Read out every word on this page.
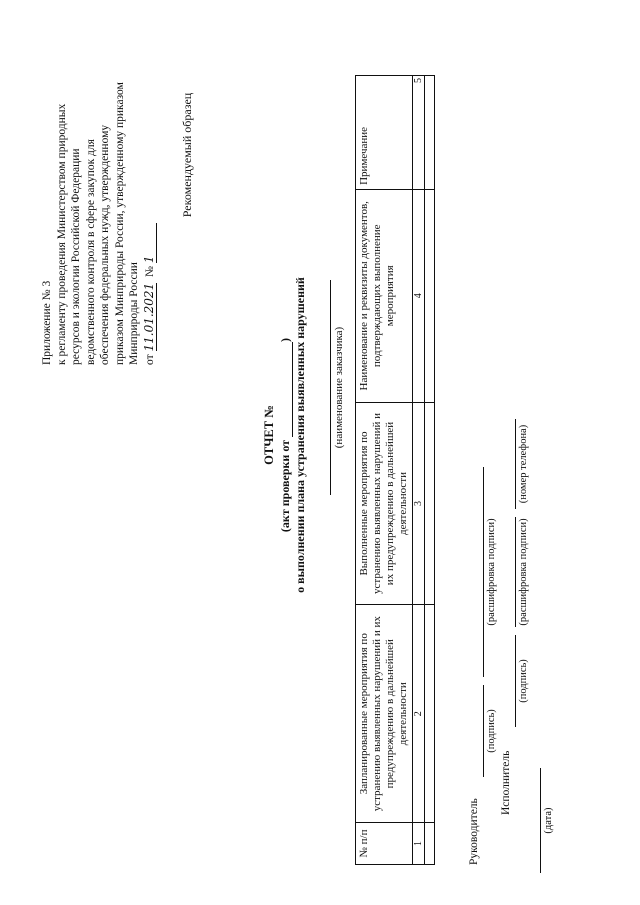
Приложение № 3 к регламенту проведения Министерством природных ресурсов и экологии Российской Федерации ведомственного контроля в сфере закупок для обеспечения федеральных нужд, утвержденному приказом Минприроды России, утвержденному приказом Минприроды России от 11.01.2021  № 1
Рекомендуемый образец
ОТЧЕТ №
(акт проверки от ) о выполнении плана устранения выявленных нарушений (наименование заказчика)
№ п/п	Запланированные мероприятия по устранению выявленных нарушений и их предупреждению в дальнейшей деятельности	Выполненные мероприятия по устранению выявленных нарушений и их предупреждению в дальнейшей деятельности	Наименование и реквизиты документов, подтверждающих выполнение мероприятия	Примечание
1	2	3	4	5

Руководитель
(подпись)
(расшифровка подписи)
Исполнитель
(подпись)
(расшифровка подписи)
(номер телефона)
(дата)
